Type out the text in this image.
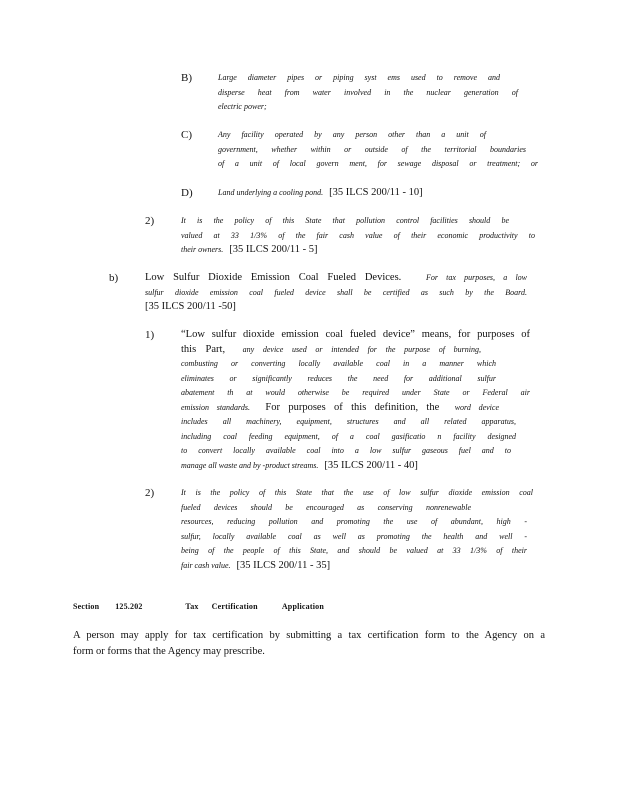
B)	Large diameter pipes or piping syst ems used to remove and
disperse heat from water involved in the nuclear generation of
electric power;
C)	Any facility operated by any person other than a unit of
government, whether within or outside of the territorial boundaries
of a unit of local govern ment, for sewage disposal or treatment; or
D)	Land underlying a cooling pond. [35 ILCS 200/11 - 10]
2)	It is the policy of this State that pollution control facilities should be
valued at 33 1/3% of the fair cash value of their economic productivity to
their owners. [35 ILCS 200/11 - 5]
b)	Low Sulfur Dioxide Emission Coal Fueled Devices.	For tax purposes, a low
sulfur dioxide emission coal fueled device shall be certified as such by the Board.
[35 ILCS 200/11 -50]
1)	“Low sulfur dioxide emission coal fueled device” means, for purposes of
this Part, any device used or intended for the purpose of burning,
combusting or converting locally available coal in a manner which
eliminates or significantly reduces the need for additional sulfur
abatement th at would otherwise be required under State or Federal air
emission standards. For purposes of this definition, the word device
includes all machinery, equipment, structures and all related apparatus,
including coal feeding equipment, of a coal gasificatio n facility designed
to convert locally available coal into a low sulfur gaseous fuel and to
manage all waste and by -product streams. [35 ILCS 200/11 - 40]
2)	It is the policy of this State that the use of low sulfur dioxide emission coal
fueled devices should be encouraged as conserving nonrenewable
resources, reducing pollution and promoting the use of abundant, high -
sulfur, locally available coal as well as promoting the health and well -
being of the people of this State, and should be valued at 33 1/3% of their
fair cash value. [35 ILCS 200/11 - 35]
Section 125.202	Tax Certification	Application
A person may apply for tax certification by submitting a tax certification form to the Agency on a
form or forms that the Agency may prescribe.
